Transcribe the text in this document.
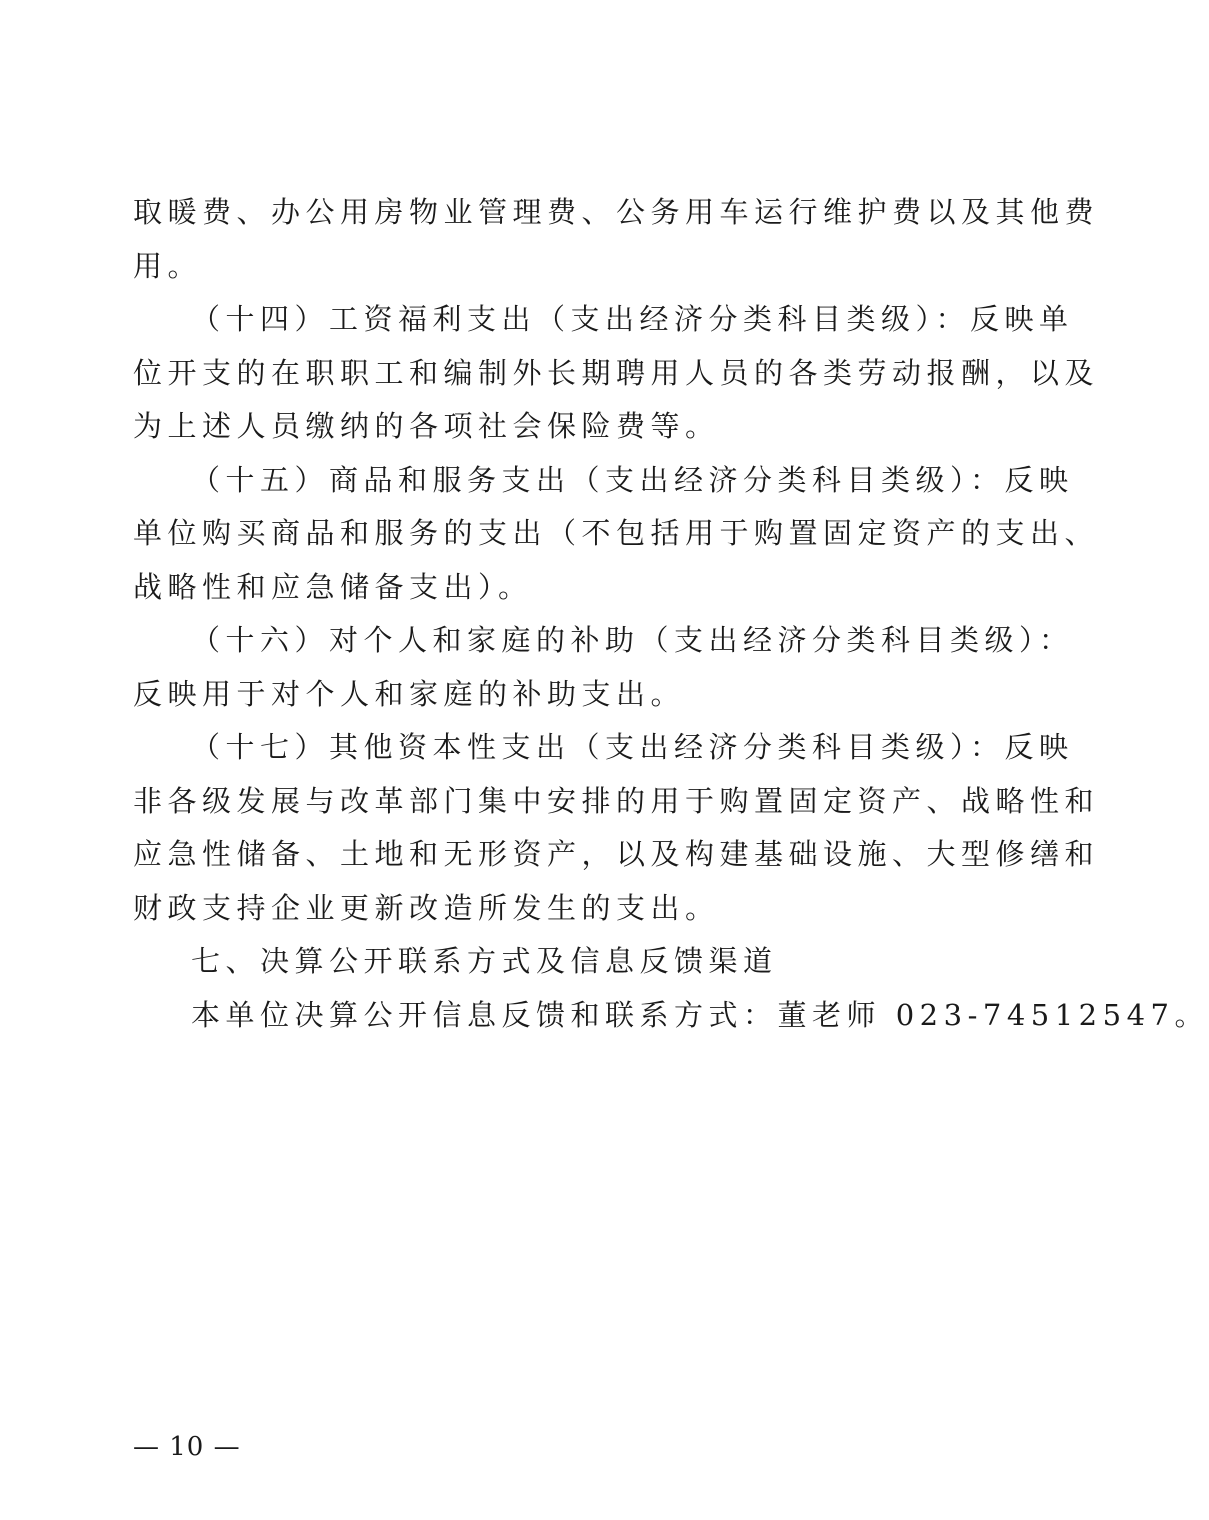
取暖费、办公用房物业管理费、公务用车运行维护费以及其他费
用。
（十四）工资福利支出（支出经济分类科目类级）：反映单
位开支的在职职工和编制外长期聘用人员的各类劳动报酬，以及
为上述人员缴纳的各项社会保险费等。
（十五）商品和服务支出（支出经济分类科目类级）：反映
单位购买商品和服务的支出（不包括用于购置固定资产的支出、
战略性和应急储备支出）。
（十六）对个人和家庭的补助（支出经济分类科目类级）：
反映用于对个人和家庭的补助支出。
（十七）其他资本性支出（支出经济分类科目类级）：反映
非各级发展与改革部门集中安排的用于购置固定资产、战略性和
应急性储备、土地和无形资产，以及构建基础设施、大型修缮和
财政支持企业更新改造所发生的支出。
七、决算公开联系方式及信息反馈渠道
本单位决算公开信息反馈和联系方式：董老师 023-74512547。
— 10 —
